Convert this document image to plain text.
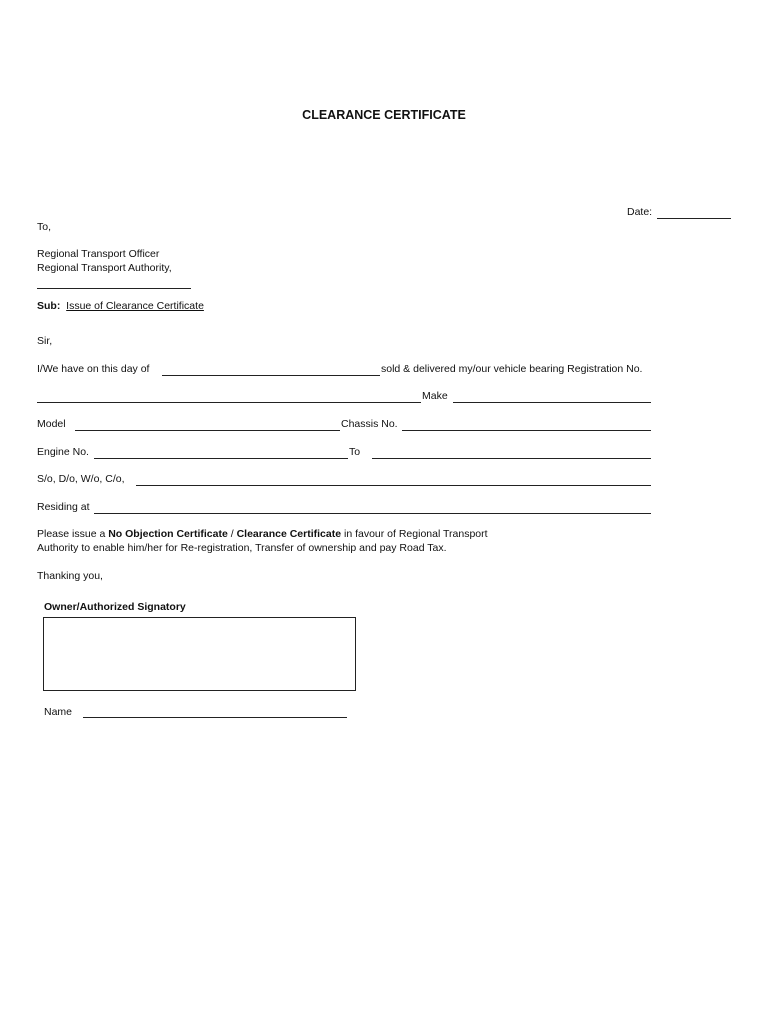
CLEARANCE CERTIFICATE
Date:
To,
Regional Transport Officer
Regional Transport Authority,
Sub: Issue of Clearance Certificate
Sir,
I/We have on this day of	sold & delivered my/our vehicle bearing Registration No.
Make
Model	Chassis No.
Engine No.	To
S/o, D/o, W/o, C/o,
Residing at
Please issue a No Objection Certificate / Clearance Certificate in favour of Regional Transport
Authority to enable him/her for Re-registration, Transfer of ownership and pay Road Tax.
Thanking you,
Owner/Authorized Signatory
Name
